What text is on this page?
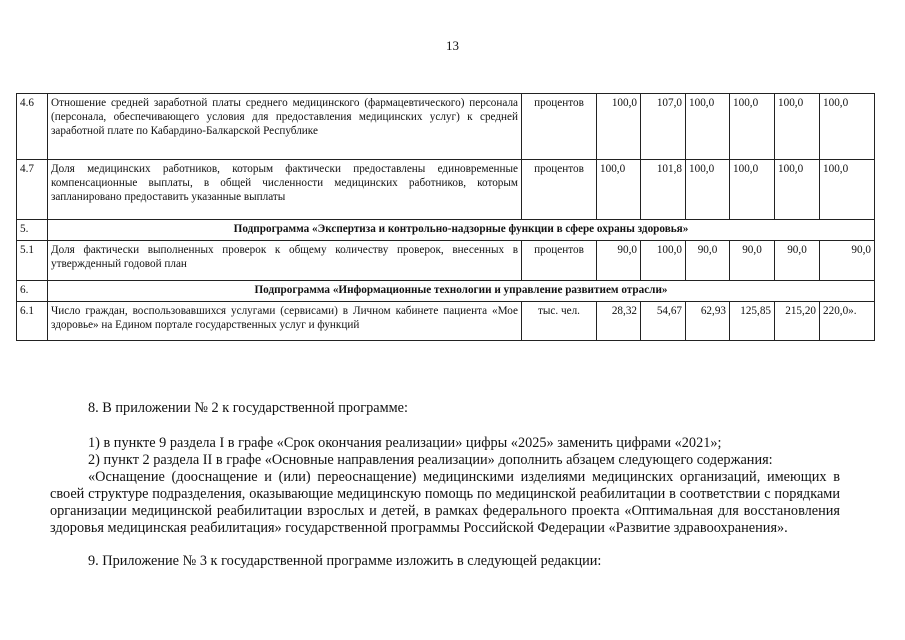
13
4.6	Отношение средней заработной платы среднего медицинского (фармацевтического) персонала (персонала, обеспечивающего условия для предоставления медицинских услуг) к средней заработной плате по Кабардино-Балкарской Республике	процентов	100,0	107,0	100,0	100,0	100,0	100,0
4.7	Доля медицинских работников, которым фактически предоставлены единовременные компенсационные выплаты, в общей численности медицинских работников, которым запланировано предоставить указанные выплаты	процентов	100,0	101,8	100,0	100,0	100,0	100,0
5.	Подпрограмма «Экспертиза и контрольно-надзорные функции в сфере охраны здоровья»							
5.1	Доля фактически выполненных проверок к общему количеству проверок, внесенных в утвержденный годовой план	процентов	90,0	100,0	90,0	90,0	90,0	90,0
6.	Подпрограмма «Информационные технологии и управление развитием отрасли»							
6.1	Число граждан, воспользовавшихся услугами (сервисами) в Личном кабинете пациента «Мое здоровье» на Едином портале государственных услуг и функций	тыс. чел.	28,32	54,67	62,93	125,85	215,20	220,0».

8. В приложении № 2 к государственной программе:

1) в пункте 9 раздела I в графе «Срок окончания реализации» цифры «2025» заменить цифрами «2021»;

2) пункт 2 раздела II в графе «Основные направления реализации» дополнить абзацем следующего содержания:

«Оснащение (дооснащение и (или) переоснащение) медицинскими изделиями медицинских организаций, имеющих в своей структуре подразделения, оказывающие медицинскую помощь по медицинской реабилитации в соответствии с порядками организации медицинской реабилитации взрослых и детей, в рамках федерального проекта «Оптимальная для восстановления здоровья медицинская реабилитация» государственной программы Российской Федерации «Развитие здравоохранения».

9. Приложение № 3 к государственной программе изложить в следующей редакции:
